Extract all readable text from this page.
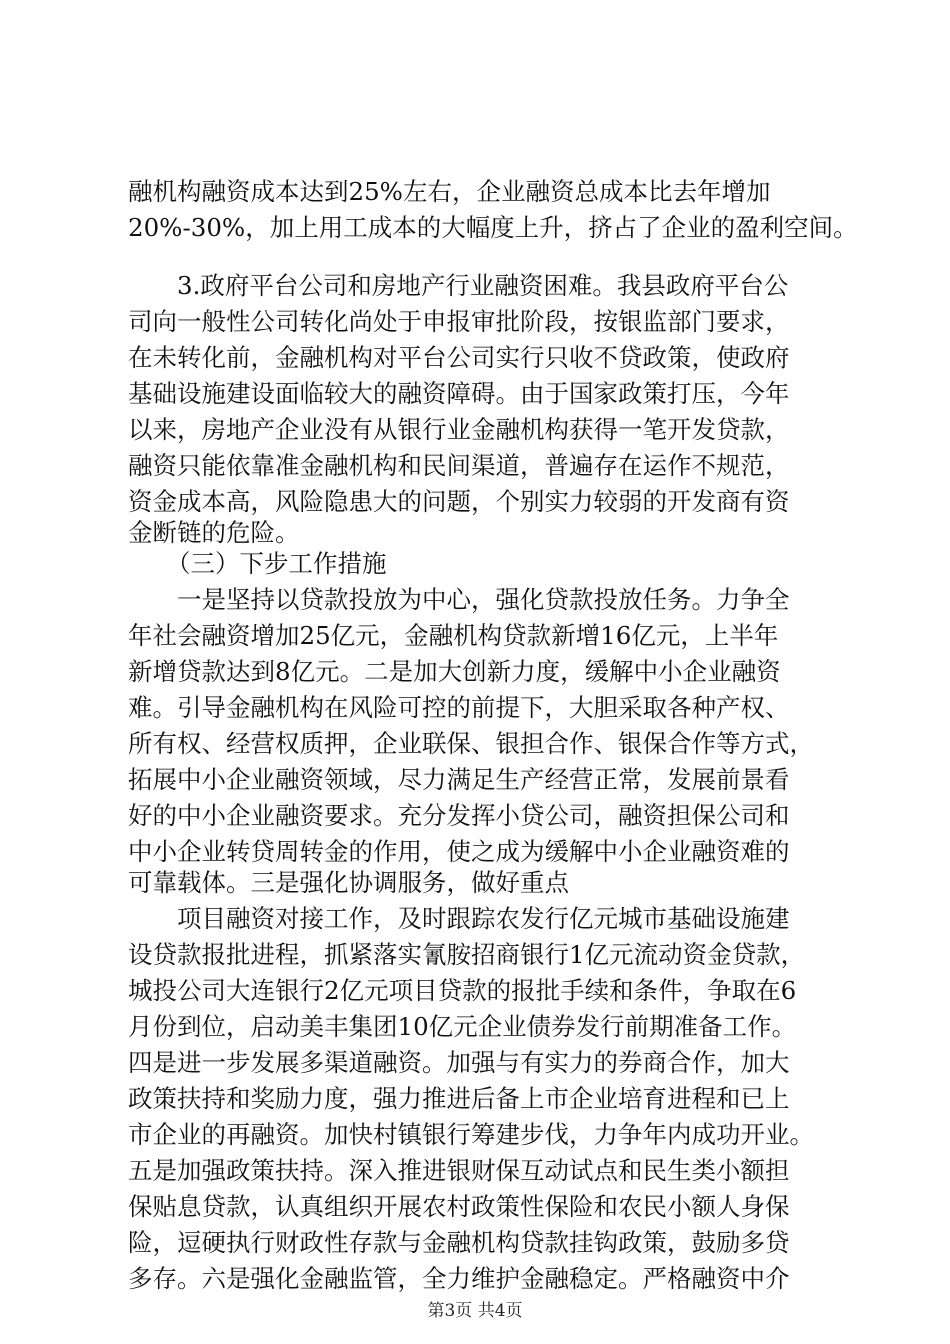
融机构融资成本达到25%左右，企业融资总成本比去年增加
20%-30%，加上用工成本的大幅度上升，挤占了企业的盈利空间。
3.政府平台公司和房地产行业融资困难。我县政府平台公
司向一般性公司转化尚处于申报审批阶段，按银监部门要求，
在未转化前，金融机构对平台公司实行只收不贷政策，使政府
基础设施建设面临较大的融资障碍。由于国家政策打压，今年
以来，房地产企业没有从银行业金融机构获得一笔开发贷款，
融资只能依靠准金融机构和民间渠道，普遍存在运作不规范，
资金成本高，风险隐患大的问题，个别实力较弱的开发商有资
金断链的危险。
（三）下步工作措施
一是坚持以贷款投放为中心，强化贷款投放任务。力争全
年社会融资增加25亿元，金融机构贷款新增16亿元，上半年
新增贷款达到8亿元。二是加大创新力度，缓解中小企业融资
难。引导金融机构在风险可控的前提下，大胆采取各种产权、
所有权、经营权质押，企业联保、银担合作、银保合作等方式，
拓展中小企业融资领域，尽力满足生产经营正常，发展前景看
好的中小企业融资要求。充分发挥小贷公司，融资担保公司和
中小企业转贷周转金的作用，使之成为缓解中小企业融资难的
可靠载体。三是强化协调服务，做好重点
项目融资对接工作，及时跟踪农发行亿元城市基础设施建
设贷款报批进程，抓紧落实氰胺招商银行1亿元流动资金贷款，
城投公司大连银行2亿元项目贷款的报批手续和条件，争取在6
月份到位，启动美丰集团10亿元企业债券发行前期准备工作。
四是进一步发展多渠道融资。加强与有实力的券商合作，加大
政策扶持和奖励力度，强力推进后备上市企业培育进程和已上
市企业的再融资。加快村镇银行筹建步伐，力争年内成功开业。
五是加强政策扶持。深入推进银财保互动试点和民生类小额担
保贴息贷款，认真组织开展农村政策性保险和农民小额人身保
险，逗硬执行财政性存款与金融机构贷款挂钩政策，鼓励多贷
多存。六是强化金融监管，全力维护金融稳定。严格融资中介
第3页 共4页
